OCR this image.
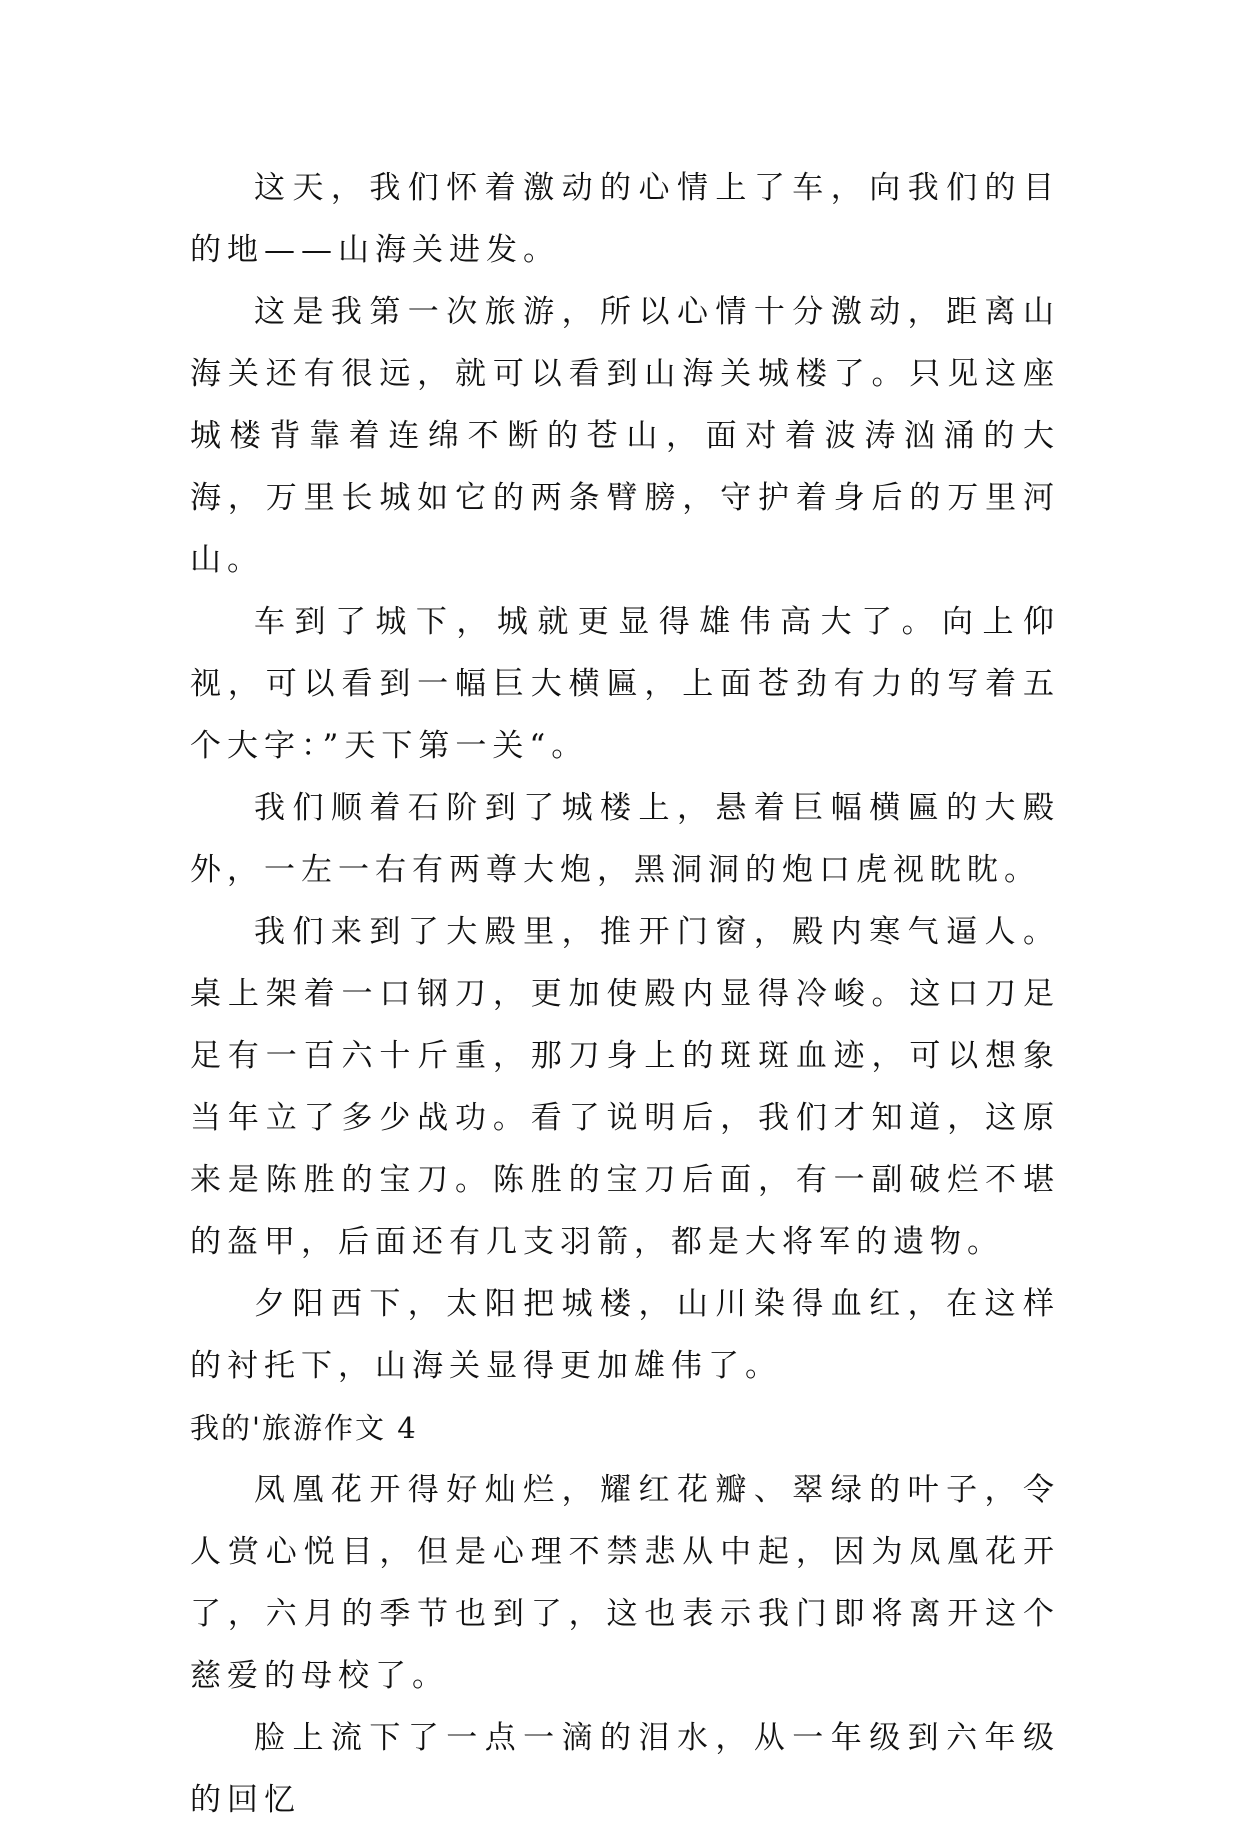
这天，我们怀着激动的心情上了车，向我们的目的地——山海关进发。

这是我第一次旅游，所以心情十分激动，距离山海关还有很远，就可以看到山海关城楼了。只见这座城楼背靠着连绵不断的苍山，面对着波涛汹涌的大海，万里长城如它的两条臂膀，守护着身后的万里河山。

车到了城下，城就更显得雄伟高大了。向上仰视，可以看到一幅巨大横匾，上面苍劲有力的写着五个大字：”天下第一关“。

我们顺着石阶到了城楼上，悬着巨幅横匾的大殿外，一左一右有两尊大炮，黑洞洞的炮口虎视眈眈。

我们来到了大殿里，推开门窗，殿内寒气逼人。桌上架着一口钢刀，更加使殿内显得冷峻。这口刀足足有一百六十斤重，那刀身上的斑斑血迹，可以想象当年立了多少战功。看了说明后，我们才知道，这原来是陈胜的宝刀。陈胜的宝刀后面，有一副破烂不堪的盔甲，后面还有几支羽箭，都是大将军的遗物。

夕阳西下，太阳把城楼，山川染得血红，在这样的衬托下，山海关显得更加雄伟了。

我的'旅游作文 4

凤凰花开得好灿烂，耀红花瓣、翠绿的叶子，令人赏心悦目，但是心理不禁悲从中起，因为凤凰花开了，六月的季节也到了，这也表示我门即将离开这个慈爱的母校了。

脸上流下了一点一滴的泪水，从一年级到六年级的回忆
